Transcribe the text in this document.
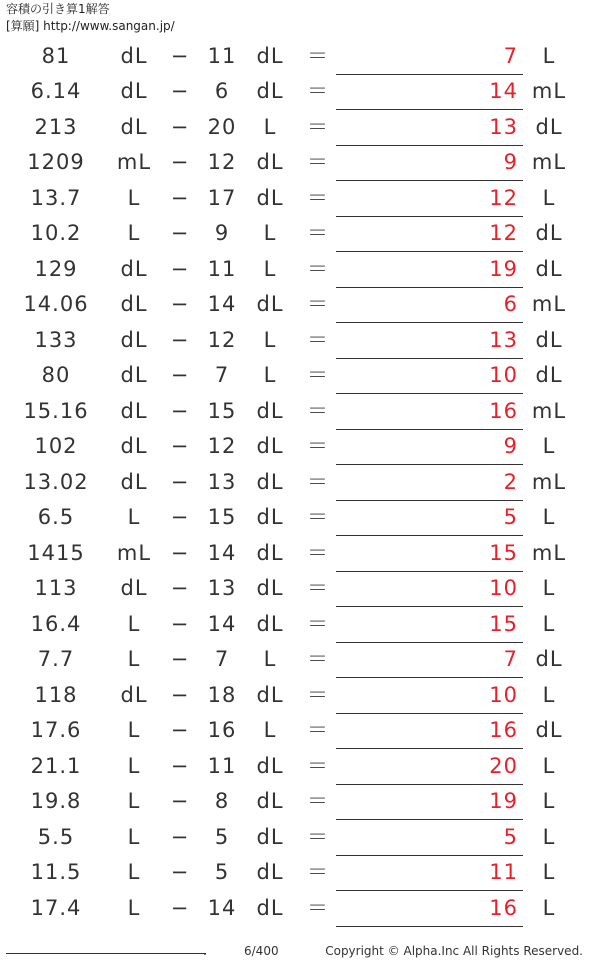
容積の引き算1解答
[算願] http://www.sangan.jp/
81	dL	− 11 dL	＝	7	L
6.14	dL	−	6	dL	＝	14 mL
213	dL	− 20	L	＝	13 dL
1209	mL − 12 dL	＝	9 mL
13.7	L	− 17 dL	＝	12	L
10.2	L	−	9	L	＝	12 dL
129	dL	− 11	L	＝	19 dL
14.06	dL	− 14 dL	＝	6 mL
133	dL	− 12	L	＝	13 dL
80	dL	−	7	L	＝	10 dL
15.16	dL	− 15 dL	＝	16 mL
102	dL	− 12 dL	＝	9	L
13.02	dL	− 13 dL	＝	2 mL
6.5	L	− 15 dL	＝	5	L
1415	mL − 14 dL	＝	15 mL
113	dL	− 13 dL	＝	10	L
16.4	L	− 14 dL	＝	15	L
7.7	L	−	7	L	＝	7 dL
118	dL	− 18 dL	＝	10	L
17.6	L	− 16	L	＝	16 dL
21.1	L	− 11 dL	＝	20	L
19.8	L	−	8	dL	＝	19	L
5.5	L	−	5	dL	＝	5	L
11.5	L	−	5	dL	＝	11	L
17.4	L	− 14 dL	＝	16	L
.	6/400	Copyright © Alpha.Inc All Rights Reserved.
